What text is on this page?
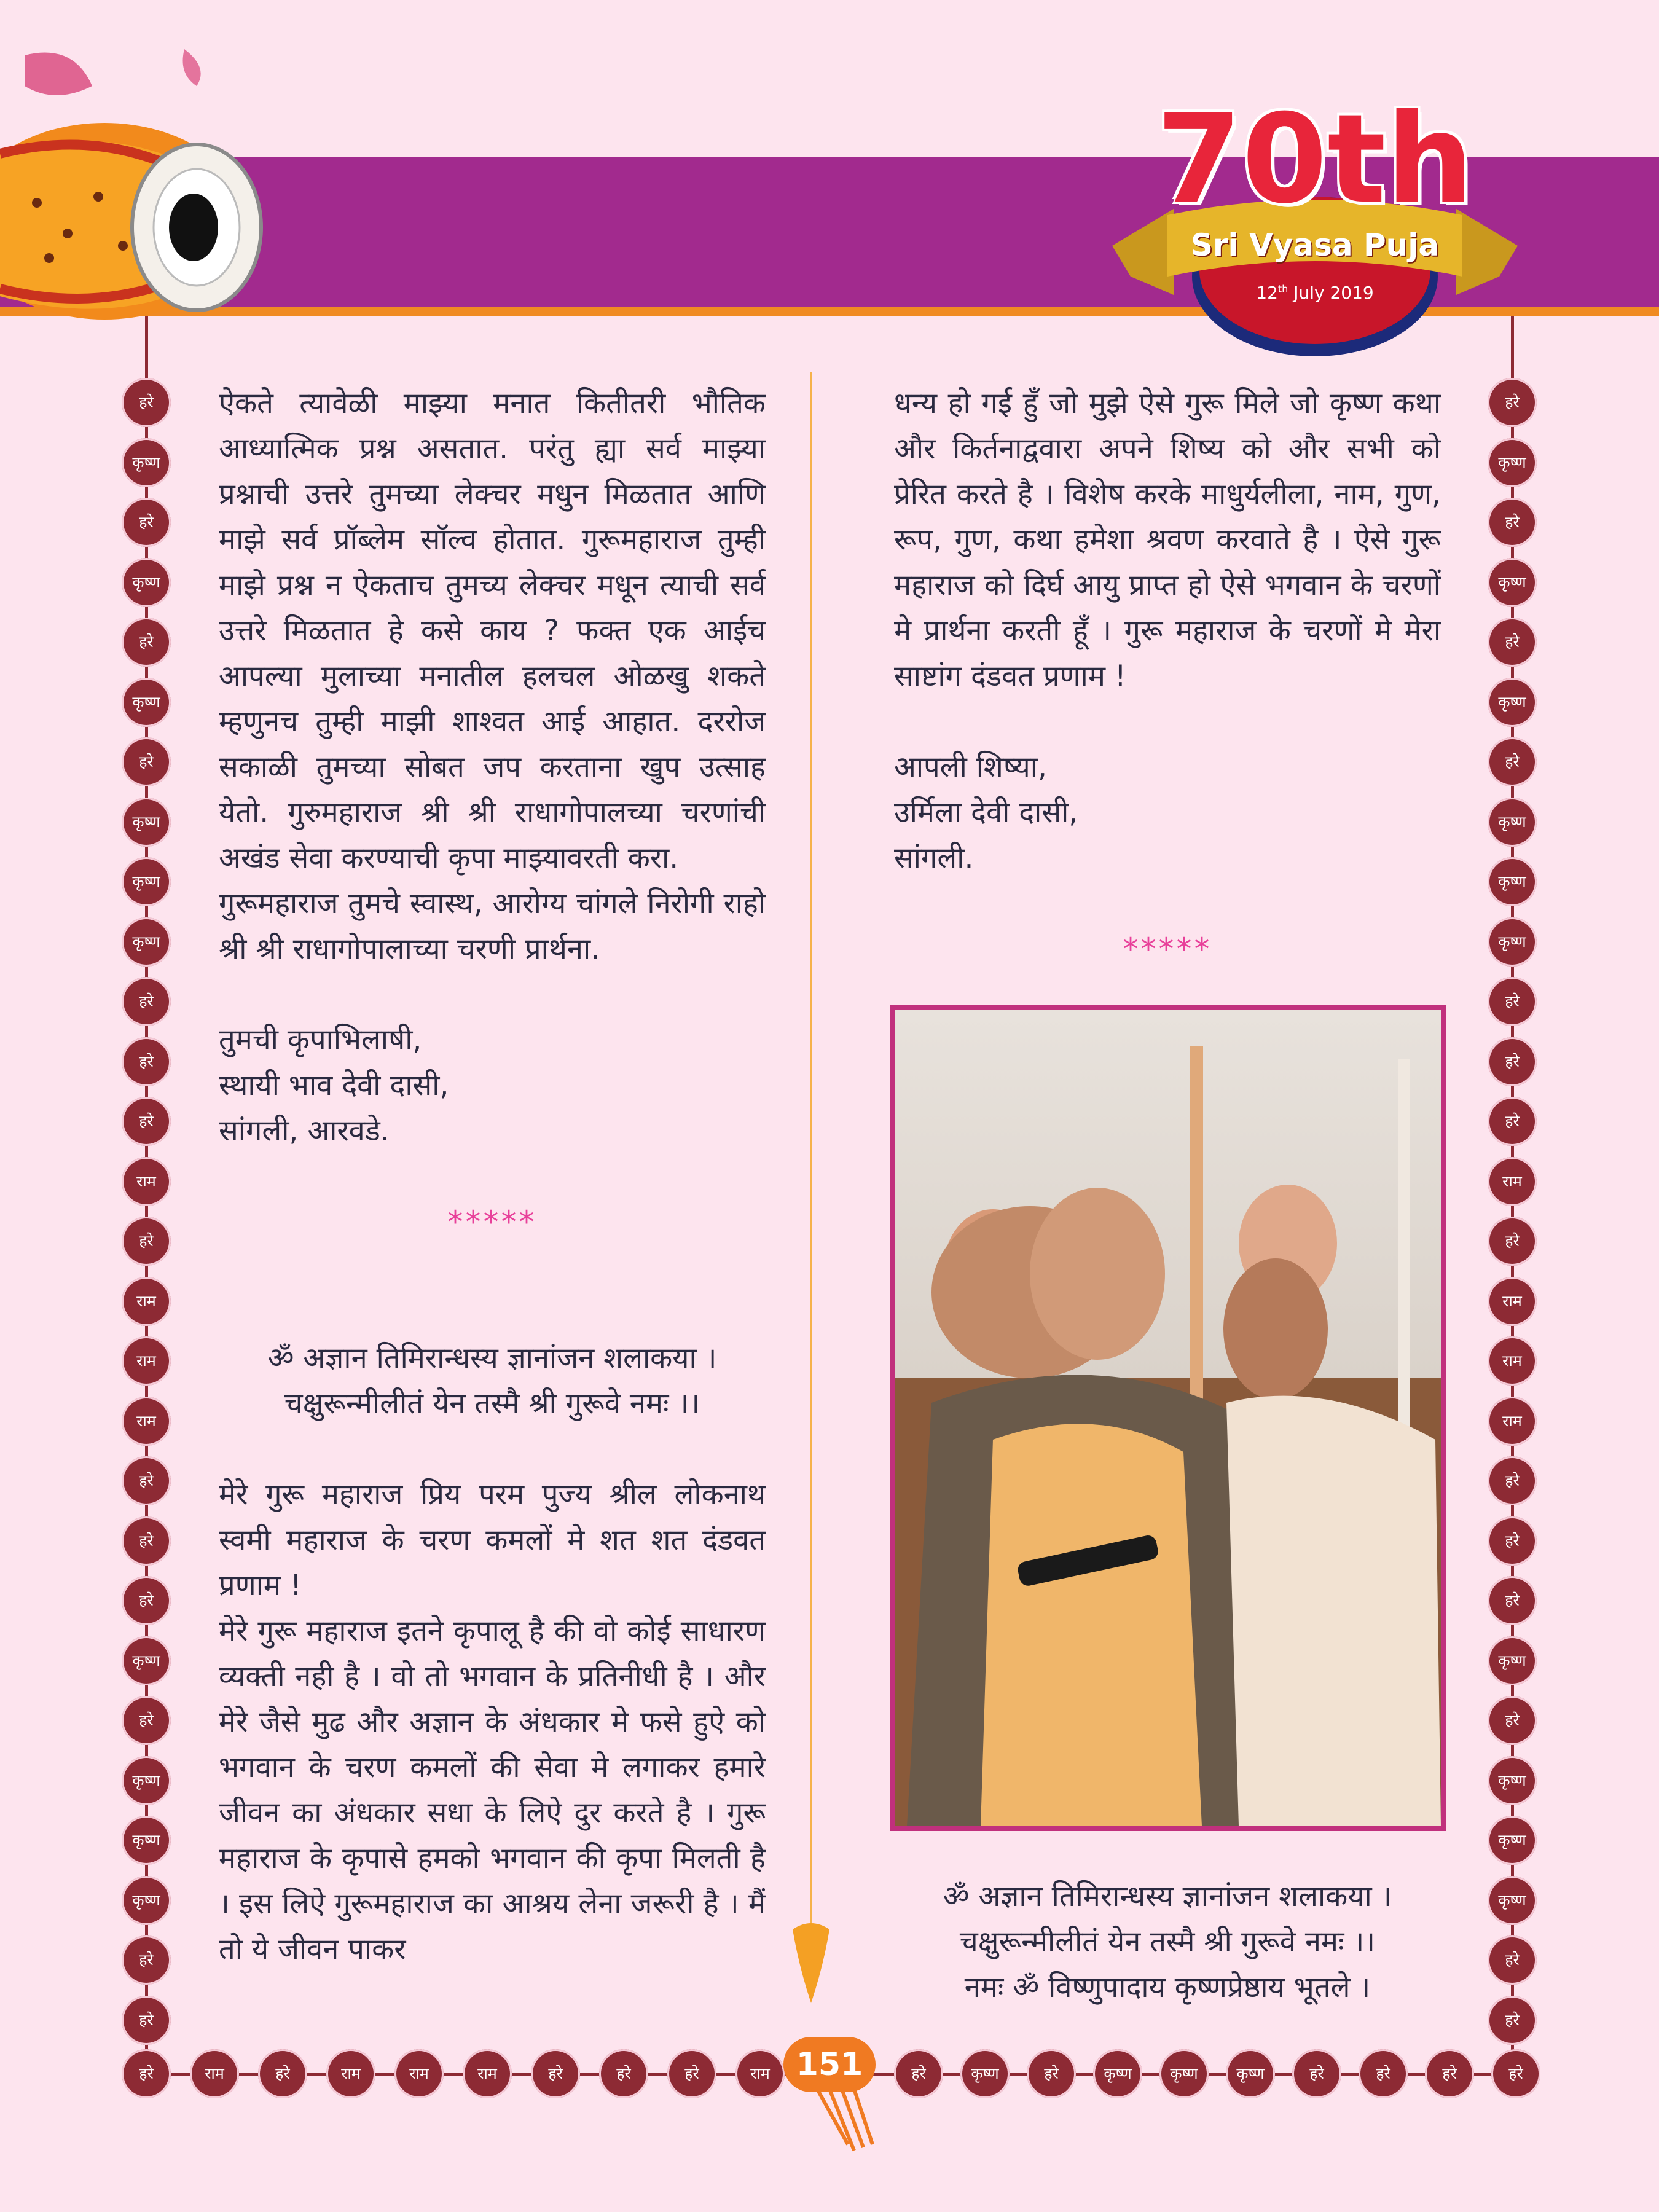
70th
Sri Vyasa Puja
12th July 2019
हरे
कृष्ण
हरे
कृष्ण
हरे
कृष्ण
हरे
कृष्ण
कृष्ण
कृष्ण
हरे
हरे
हरे
राम
हरे
राम
राम
राम
हरे
हरे
हरे
कृष्ण
हरे
कृष्ण
कृष्ण
कृष्ण
हरे
हरे
हरे
कृष्ण
हरे
कृष्ण
हरे
कृष्ण
हरे
कृष्ण
कृष्ण
कृष्ण
हरे
हरे
हरे
राम
हरे
राम
राम
राम
हरे
हरे
हरे
कृष्ण
हरे
कृष्ण
कृष्ण
कृष्ण
हरे
हरे
हरे	राम	हरे	राम	राम	राम	हरे	हरे	हरे	राम	हरे	कृष्ण	हरे	कृष्ण	कृष्ण	कृष्ण	हरे	हरे	हरे	हरे

ऐकते त्यावेळी माझ्या मनात कितीतरी भौतिक आध्यात्मिक प्रश्न असतात. परंतु ह्या सर्व माझ्या प्रश्नाची उत्तरे तुमच्या लेक्चर मधुन मिळतात आणि माझे सर्व प्रॉब्लेम सॉल्व होतात. गुरूमहाराज तुम्ही माझे प्रश्न न ऐकताच तुमच्य लेक्चर मधून त्याची सर्व उत्तरे मिळतात हे कसे काय ? फक्त एक आईच आपल्या मुलाच्या मनातील हलचल ओळखु शकते म्हणुनच तुम्ही माझी शाश्वत आई आहात. दररोज सकाळी तुमच्या सोबत जप करताना खुप उत्साह येतो. गुरुमहाराज श्री श्री राधागोपालच्या चरणांची अखंड सेवा करण्याची कृपा माझ्यावरती करा.

गुरूमहाराज तुमचे स्वास्थ, आरोग्य चांगले निरोगी राहो श्री श्री राधागोपालाच्या चरणी प्रार्थना.

तुमची कृपाभिलाषी,

स्थायी भाव देवी दासी,

सांगली, आरवडे.

*****

ॐ अज्ञान तिमिरान्धस्य ज्ञानांजन शलाकया ।

चक्षुरून्मीलीतं येन तस्मै श्री गुरूवे नमः ।।

मेरे गुरू महाराज प्रिय परम पुज्य श्रील लोकनाथ स्वमी महाराज के चरण कमलों मे शत शत दंडवत प्रणाम !

मेरे गुरू महाराज इतने कृपालू है की वो कोई साधारण व्यक्ती नही है । वो तो भगवान के प्रतिनीधी है । और मेरे जैसे मुढ और अज्ञान के अंधकार मे फसे हुऐ को भगवान के चरण कमलों की सेवा मे लगाकर हमारे जीवन का अंधकार सधा के लिऐ दुर करते है । गुरू महाराज के कृपासे हमको भगवान की कृपा मिलती है । इस लिऐ गुरूमहाराज का आश्रय लेना जरूरी है । मैं तो ये जीवन पाकर

धन्य हो गई हुँ जो मुझे ऐसे गुरू मिले जो कृष्ण कथा और किर्तनाद्ववारा अपने शिष्य को और सभी को प्रेरित करते है । विशेष करके माधुर्यलीला, नाम, गुण, रूप, गुण, कथा हमेशा श्रवण करवाते है । ऐसे गुरू महाराज को दिर्घ आयु प्राप्त हो ऐसे भगवान के चरणों मे प्रार्थना करती हूँ । गुरू महाराज के चरणों मे मेरा साष्टांग दंडवत प्रणाम !

आपली शिष्या,

उर्मिला देवी दासी,

सांगली.

*****

ॐ अज्ञान तिमिरान्धस्य ज्ञानांजन शलाकया ।

चक्षुरून्मीलीतं येन तस्मै श्री गुरूवे नमः ।।

नमः ॐ विष्णुपादाय कृष्णप्रेष्ठाय भूतले ।

151
